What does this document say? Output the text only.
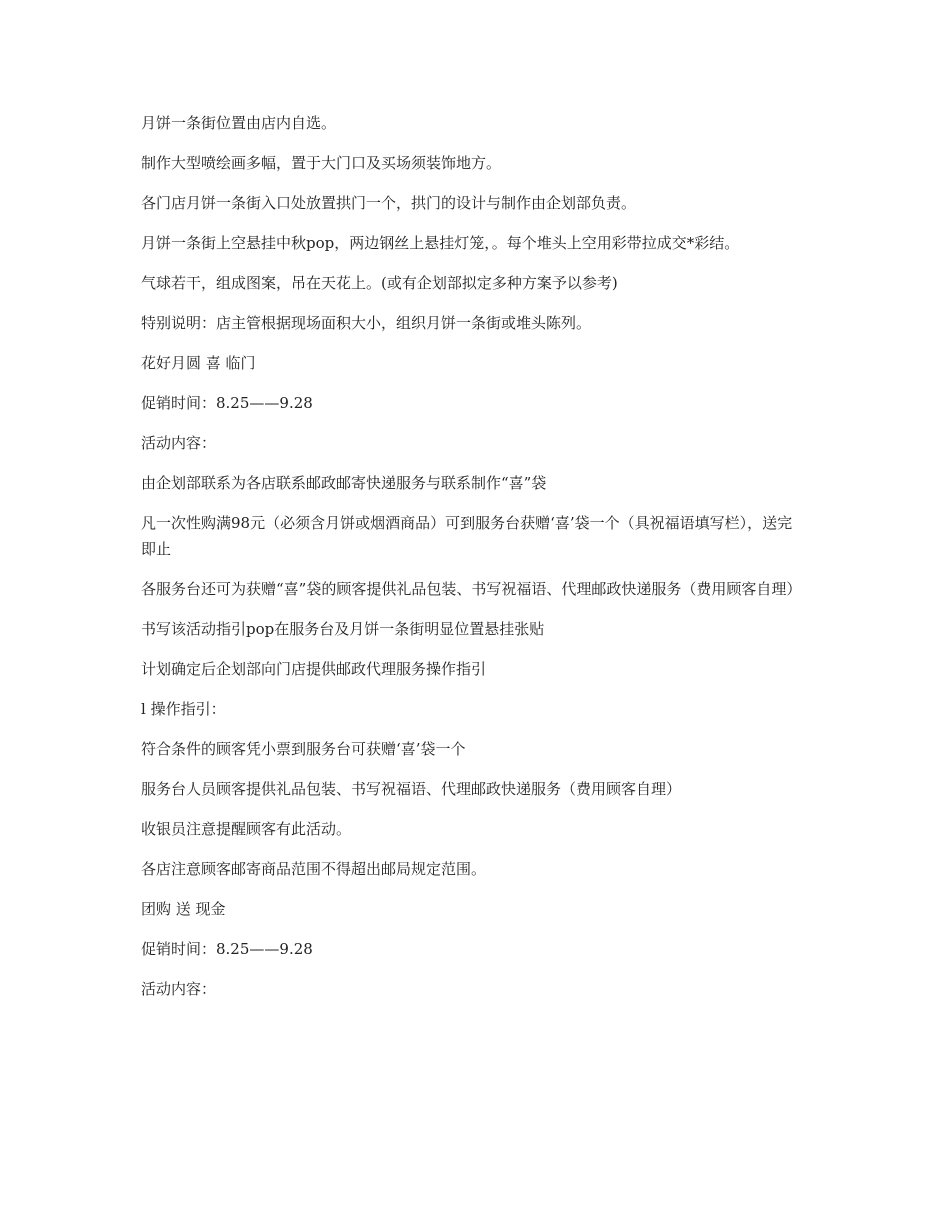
月饼一条街位置由店内自选。

制作大型喷绘画多幅，置于大门口及买场须装饰地方。

各门店月饼一条街入口处放置拱门一个，拱门的设计与制作由企划部负责。

月饼一条街上空悬挂中秋pop，两边钢丝上悬挂灯笼，。每个堆头上空用彩带拉成交*彩结。

气球若干，组成图案，吊在天花上。(或有企划部拟定多种方案予以参考)

特别说明：店主管根据现场面积大小，组织月饼一条街或堆头陈列。

花好月圆 喜 临门

促销时间：8.25——9.28

活动内容：

由企划部联系为各店联系邮政邮寄快递服务与联系制作“喜”袋

凡一次性购满98元（必须含月饼或烟酒商品）可到服务台获赠‘喜’袋一个（具祝福语填写栏），送完即止

各服务台还可为获赠“喜”袋的顾客提供礼品包装、书写祝福语、代理邮政快递服务（费用顾客自理）

书写该活动指引pop在服务台及月饼一条街明显位置悬挂张贴

计划确定后企划部向门店提供邮政代理服务操作指引

l 操作指引：

符合条件的顾客凭小票到服务台可获赠‘喜’袋一个

服务台人员顾客提供礼品包装、书写祝福语、代理邮政快递服务（费用顾客自理）

收银员注意提醒顾客有此活动。

各店注意顾客邮寄商品范围不得超出邮局规定范围。

团购 送 现金

促销时间：8.25——9.28

活动内容：
